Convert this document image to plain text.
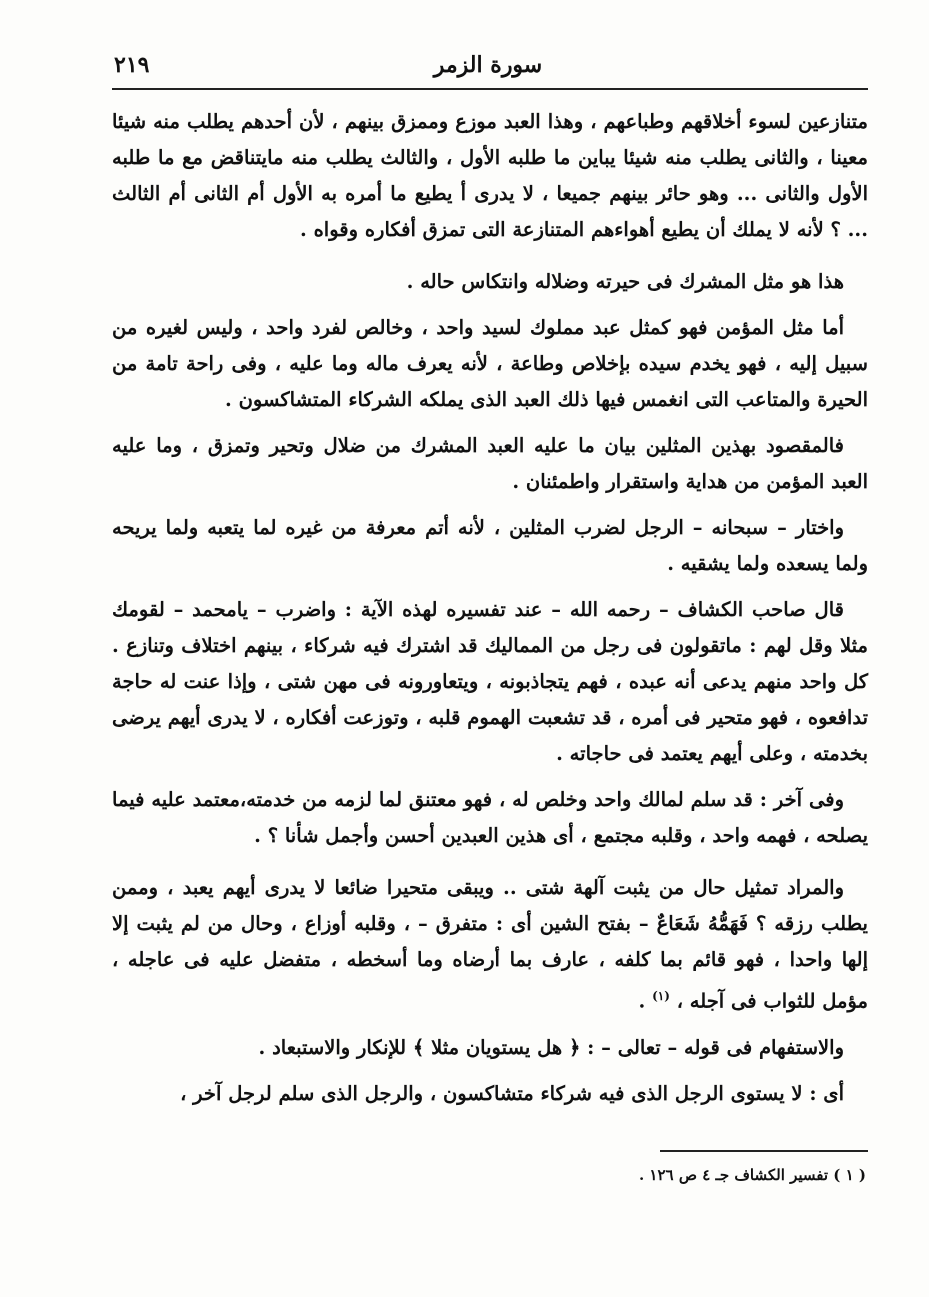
سورة الزمر
٢١٩

متنازعين لسوء أخلاقهم وطباعهم ، وهذا العبد موزع وممزق بينهم ، لأن أحدهم يطلب منه شيئا معينا ، والثانى يطلب منه شيئا يباين ما طلبه الأول ، والثالث يطلب منه مايتناقض مع ما طلبه الأول والثانى ... وهو حائر بينهم جميعا ، لا يدرى أ يطيع ما أمره به الأول أم الثانى أم الثالث ... ؟ لأنه لا يملك أن يطيع أهواءهم المتنازعة التى تمزق أفكاره وقواه .

هذا هو مثل المشرك فى حيرته وضلاله وانتكاس حاله .

أما مثل المؤمن فهو كمثل عبد مملوك لسيد واحد ، وخالص لفرد واحد ، وليس لغيره من سبيل إليه ، فهو يخدم سيده بإخلاص وطاعة ، لأنه يعرف ماله وما عليه ، وفى راحة تامة من الحيرة والمتاعب التى انغمس فيها ذلك العبد الذى يملكه الشركاء المتشاكسون .

فالمقصود بهذين المثلين بيان ما عليه العبد المشرك من ضلال وتحير وتمزق ، وما عليه العبد المؤمن من هداية واستقرار واطمئنان .

واختار – سبحانه – الرجل لضرب المثلين ، لأنه أتم معرفة من غيره لما يتعبه ولما يريحه ولما يسعده ولما يشقيه .

قال صاحب الكشاف – رحمه الله – عند تفسيره لهذه الآية : واضرب – يامحمد – لقومك مثلا وقل لهم : ماتقولون فى رجل من المماليك قد اشترك فيه شركاء ، بينهم اختلاف وتنازع . كل واحد منهم يدعى أنه عبده ، فهم يتجاذبونه ، ويتعاورونه فى مهن شتى ، وإذا عنت له حاجة تدافعوه ، فهو متحير فى أمره ، قد تشعبت الهموم قلبه ، وتوزعت أفكاره ، لا يدرى أيهم يرضى بخدمته ، وعلى أيهم يعتمد فى حاجاته .

وفى آخر : قد سلم لمالك واحد وخلص له ، فهو معتنق لما لزمه من خدمته،معتمد عليه فيما يصلحه ، فهمه واحد ، وقلبه مجتمع ، أى هذين العبدين أحسن وأجمل شأنا ؟ .

والمراد تمثيل حال من يثبت آلهة شتى .. ويبقى متحيرا ضائعا لا يدرى أيهم يعبد ، وممن يطلب رزقه ؟ فَهَمُّهُ شَعَاعٌ – بفتح الشين أى : متفرق – ، وقلبه أوزاع ، وحال من لم يثبت إلا إلها واحدا ، فهو قائم بما كلفه ، عارف بما أرضاه وما أسخطه ، متفضل عليه فى عاجله ، مؤمل للثواب فى آجله ، $^{(١)}$ .

والاستفهام فى قوله – تعالى – : ﴿ هل يستويان مثلا ﴾ للإنكار والاستبعاد .

أى : لا يستوى الرجل الذى فيه شركاء متشاكسون ، والرجل الذى سلم لرجل آخر ،

( ١ ) تفسير الكشاف جـ ٤ ص ١٢٦ .
